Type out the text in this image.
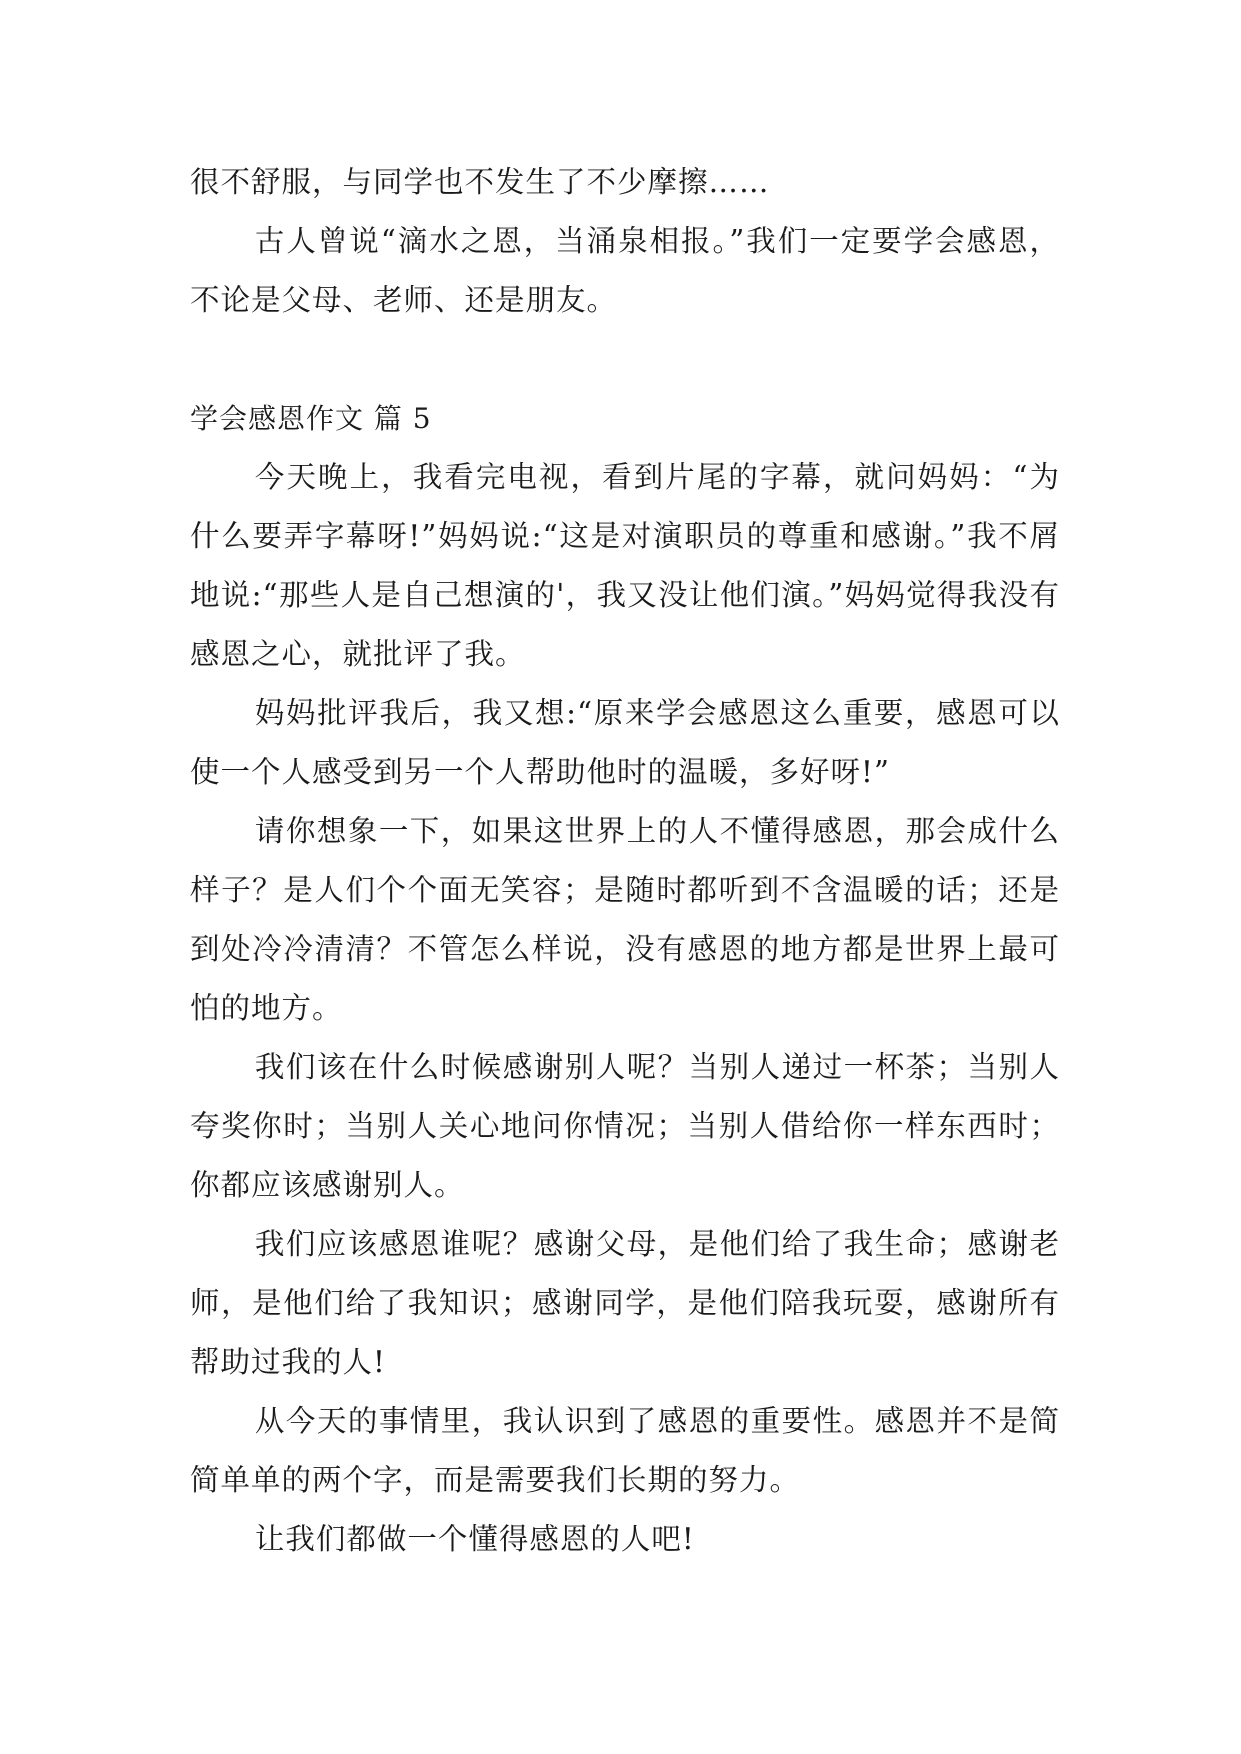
很不舒服，与同学也不发生了不少摩擦……

古人曾说“滴水之恩，当涌泉相报。”我们一定要学会感恩，不论是父母、老师、还是朋友。

学会感恩作文 篇 5

今天晚上，我看完电视，看到片尾的字幕，就问妈妈：“为什么要弄字幕呀!”妈妈说:“这是对演职员的尊重和感谢。”我不屑地说:“那些人是自己想演的'，我又没让他们演。”妈妈觉得我没有感恩之心，就批评了我。

妈妈批评我后，我又想:“原来学会感恩这么重要，感恩可以使一个人感受到另一个人帮助他时的温暖，多好呀!”

请你想象一下，如果这世界上的人不懂得感恩，那会成什么样子？是人们个个面无笑容；是随时都听到不含温暖的话；还是到处冷冷清清？不管怎么样说，没有感恩的地方都是世界上最可怕的地方。

我们该在什么时候感谢别人呢？当别人递过一杯茶；当别人夸奖你时；当别人关心地问你情况；当别人借给你一样东西时；你都应该感谢别人。

我们应该感恩谁呢？感谢父母，是他们给了我生命；感谢老师，是他们给了我知识；感谢同学，是他们陪我玩耍，感谢所有帮助过我的人!

从今天的事情里，我认识到了感恩的重要性。感恩并不是简简单单的两个字，而是需要我们长期的努力。

让我们都做一个懂得感恩的人吧!
